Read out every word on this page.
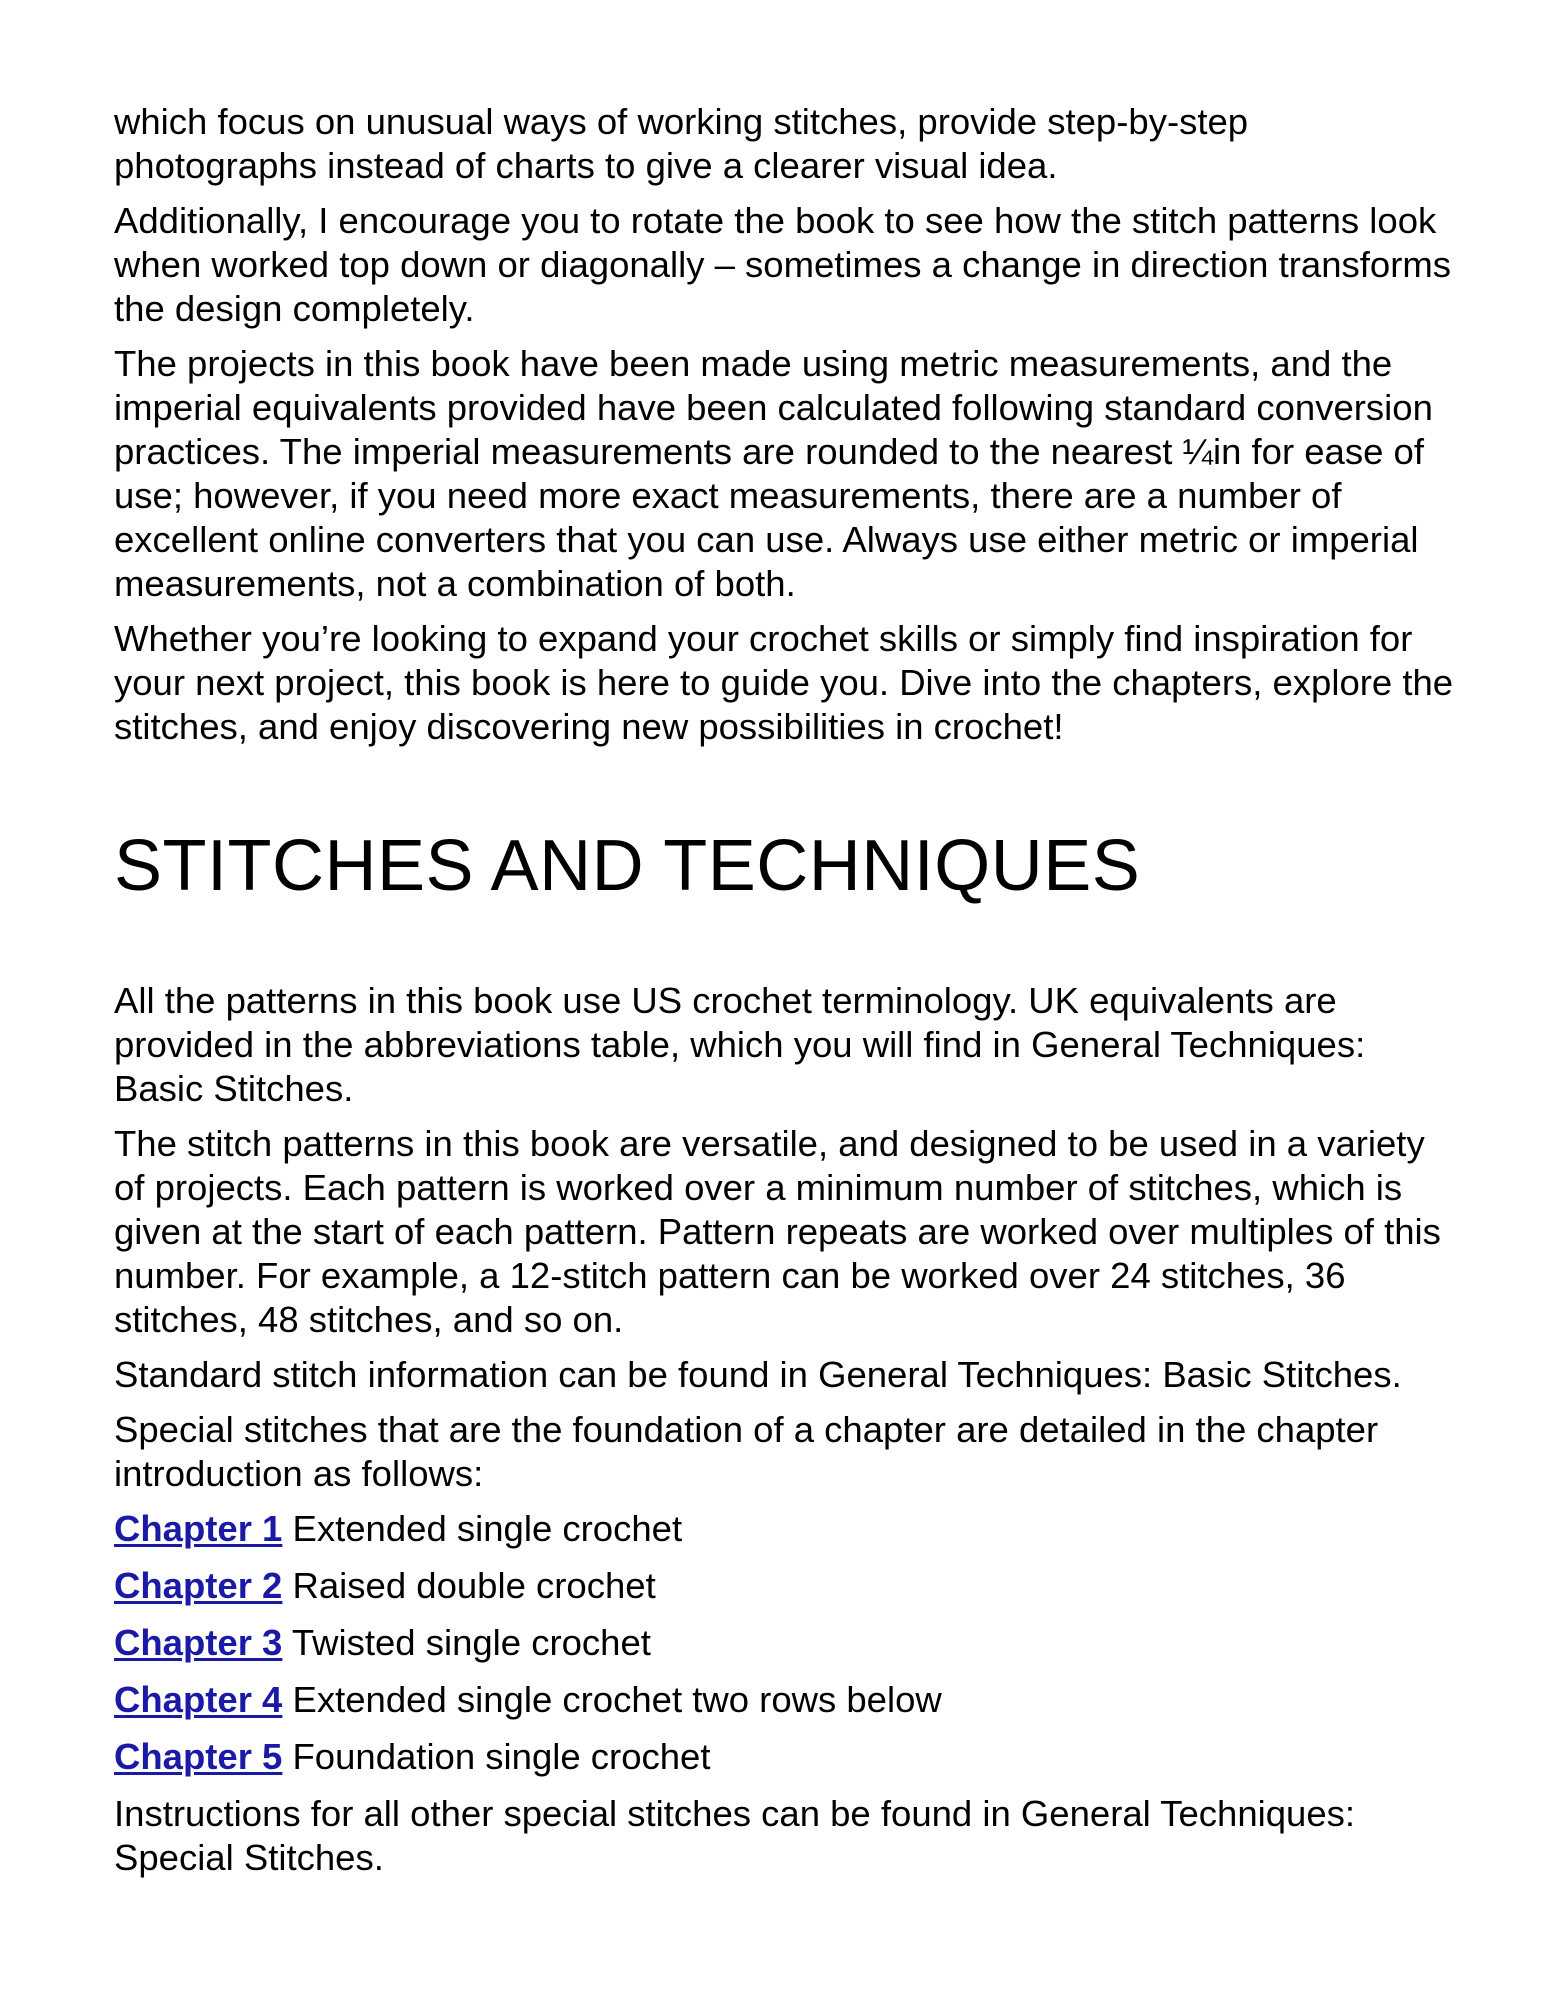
which focus on unusual ways of working stitches, provide step-by-step photographs instead of charts to give a clearer visual idea.

Additionally, I encourage you to rotate the book to see how the stitch patterns look when worked top down or diagonally – sometimes a change in direction transforms the design completely.

The projects in this book have been made using metric measurements, and the imperial equivalents provided have been calculated following standard conversion practices. The imperial measurements are rounded to the nearest ¼in for ease of use; however, if you need more exact measurements, there are a number of excellent online converters that you can use. Always use either metric or imperial measurements, not a combination of both.

Whether you’re looking to expand your crochet skills or simply find inspiration for your next project, this book is here to guide you. Dive into the chapters, explore the stitches, and enjoy discovering new possibilities in crochet!

STITCHES AND TECHNIQUES

All the patterns in this book use US crochet terminology. UK equivalents are provided in the abbreviations table, which you will find in General Techniques: Basic Stitches.

The stitch patterns in this book are versatile, and designed to be used in a variety of projects. Each pattern is worked over a minimum number of stitches, which is given at the start of each pattern. Pattern repeats are worked over multiples of this number. For example, a 12-stitch pattern can be worked over 24 stitches, 36 stitches, 48 stitches, and so on.

Standard stitch information can be found in General Techniques: Basic Stitches.

Special stitches that are the foundation of a chapter are detailed in the chapter introduction as follows:

Chapter 1 Extended single crochet
Chapter 2 Raised double crochet
Chapter 3 Twisted single crochet
Chapter 4 Extended single crochet two rows below
Chapter 5 Foundation single crochet

Instructions for all other special stitches can be found in General Techniques: Special Stitches.
